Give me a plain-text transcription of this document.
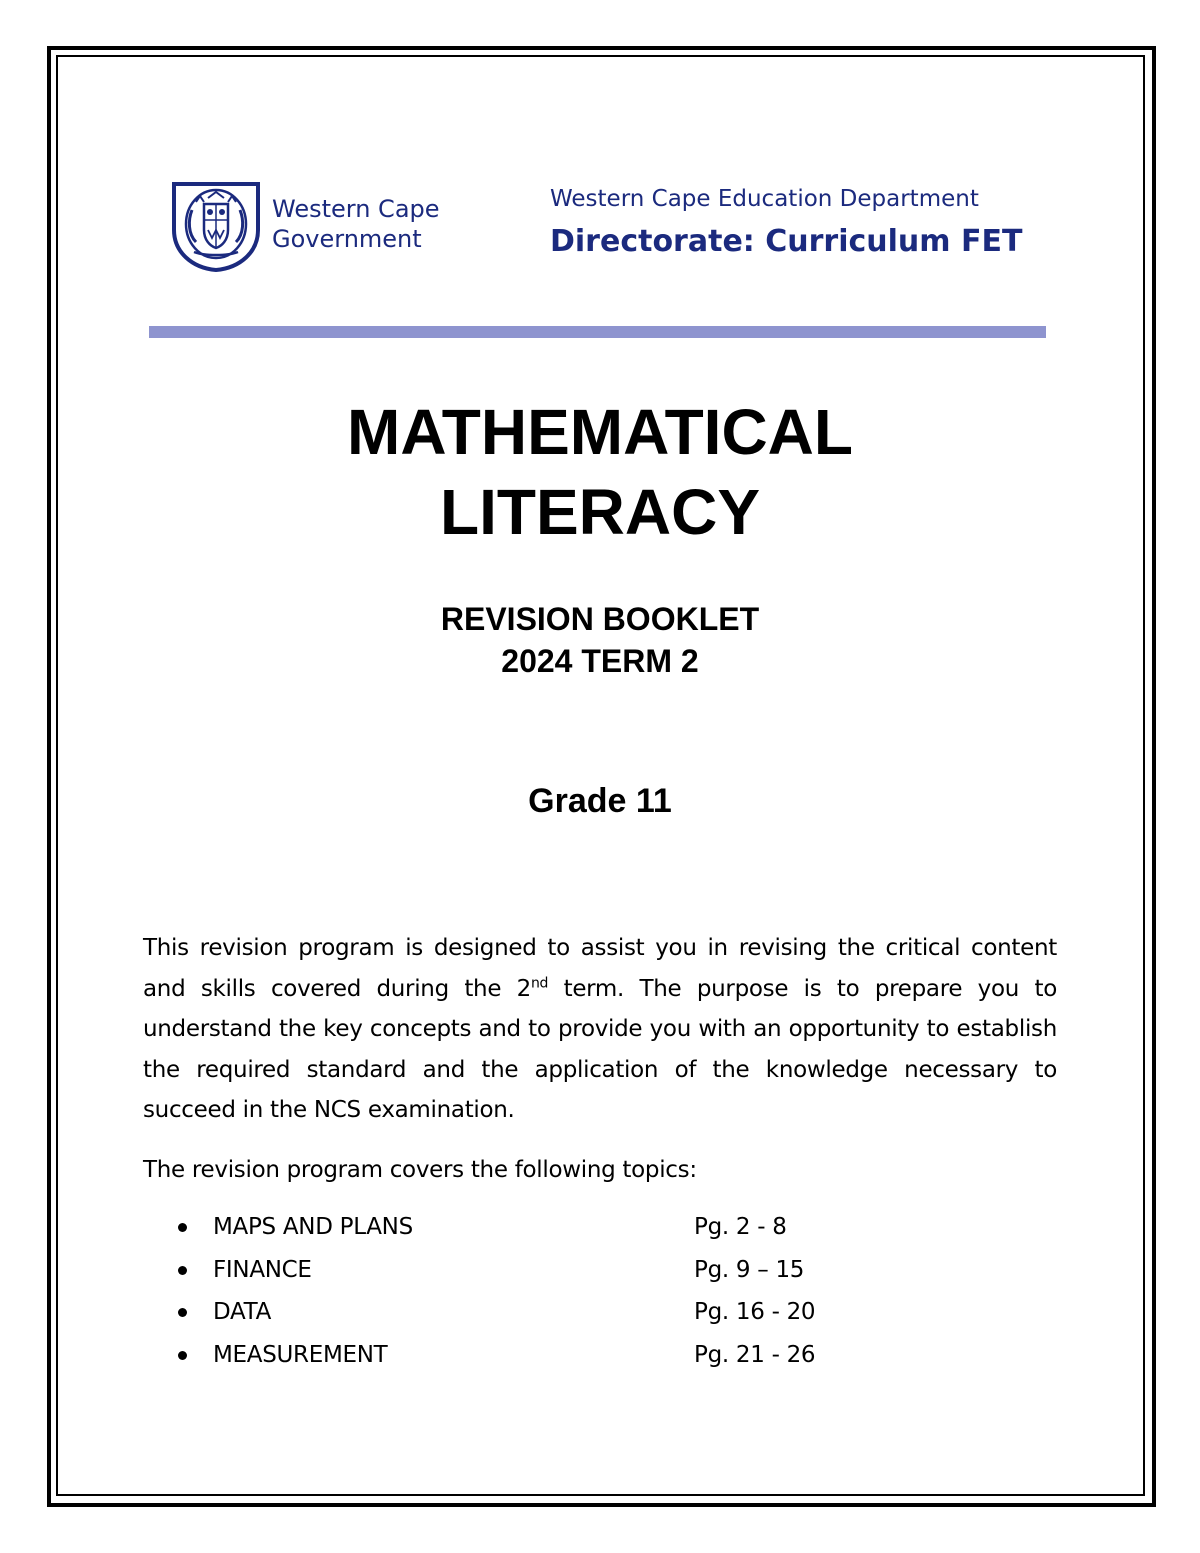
Western Cape
Government
Western Cape Education Department
Directorate: Curriculum FET
MATHEMATICAL
LITERACY
REVISION BOOKLET
2024 TERM 2
Grade 11
This revision program is designed to assist you in revising the critical content and skills covered during the 2nd term. The purpose is to prepare you to understand the key concepts and to provide you with an opportunity to establish the required standard and the application of the knowledge necessary to succeed in the NCS examination.
The revision program covers the following topics:
MAPS AND PLANS	Pg. 2 - 8
FINANCE	Pg. 9 – 15
DATA	Pg. 16 - 20
MEASUREMENT	Pg. 21 - 26
